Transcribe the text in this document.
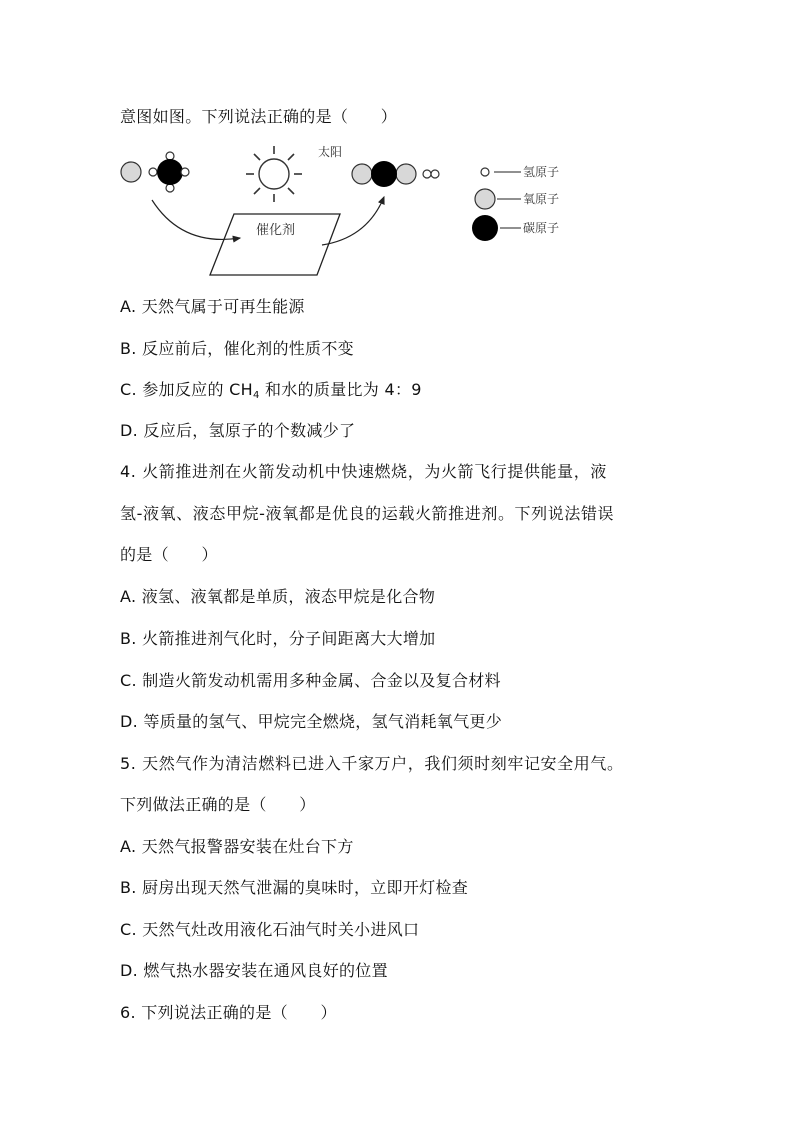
意图如图。下列说法正确的是（　　）
太阳
催化剂
氢原子
氧原子
碳原子
A. 天然气属于可再生能源
B. 反应前后，催化剂的性质不变
C. 参加反应的 $CH_4$ 和水的质量比为 4：9
D. 反应后，氢原子的个数减少了
4. 火箭推进剂在火箭发动机中快速燃烧，为火箭飞行提供能量，液
氢-液氧、液态甲烷-液氧都是优良的运载火箭推进剂。下列说法错误
的是（　　）
A. 液氢、液氧都是单质，液态甲烷是化合物
B. 火箭推进剂气化时，分子间距离大大增加
C. 制造火箭发动机需用多种金属、合金以及复合材料
D. 等质量的氢气、甲烷完全燃烧，氢气消耗氧气更少
5. 天然气作为清洁燃料已进入千家万户，我们须时刻牢记安全用气。
下列做法正确的是（　　）
A. 天然气报警器安装在灶台下方
B. 厨房出现天然气泄漏的臭味时，立即开灯检查
C. 天然气灶改用液化石油气时关小进风口
D. 燃气热水器安装在通风良好的位置
6. 下列说法正确的是（　　）
